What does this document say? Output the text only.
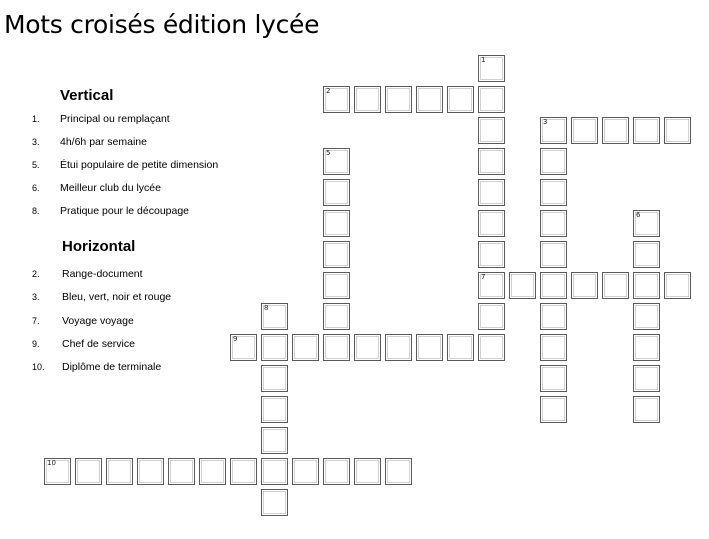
Mots croisés édition lycée
Vertical
1.	Principal ou remplaçant
3.	4h/6h par semaine
5.	Étui populaire de petite dimension
6.	Meilleur club du lycée
8.	Pratique pour le découpage
Horizontal
2.	Range-document
3.	Bleu, vert, noir et rouge
7.	Voyage voyage
9.	Chef de service
10.	Diplôme de terminale
1
7
2
3
5
6
8
9
10
